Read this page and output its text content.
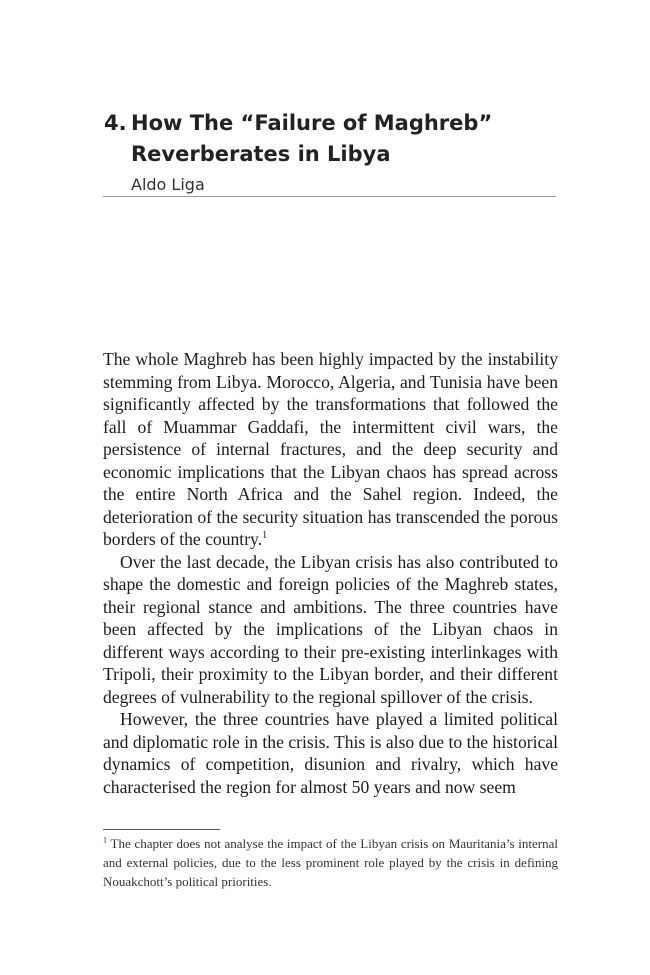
4. How The “Failure of Maghreb” Reverberates in Libya
Aldo Liga

The whole Maghreb has been highly impacted by the instability stemming from Libya. Morocco, Algeria, and Tunisia have been significantly affected by the transformations that followed the fall of Muammar Gaddafi, the intermittent civil wars, the persistence of internal fractures, and the deep security and economic implications that the Libyan chaos has spread across the entire North Africa and the Sahel region. Indeed, the deterioration of the security situation has transcended the porous borders of the country.$^1$

Over the last decade, the Libyan crisis has also contributed to shape the domestic and foreign policies of the Maghreb states, their regional stance and ambitions. The three countries have been affected by the implications of the Libyan chaos in different ways according to their pre-existing interlinkages with Tripoli, their proximity to the Libyan border, and their different degrees of vulnerability to the regional spillover of the crisis.

However, the three countries have played a limited political and diplomatic role in the crisis. This is also due to the historical dynamics of competition, disunion and rivalry, which have characterised the region for almost 50 years and now seem

$^1$ The chapter does not analyse the impact of the Libyan crisis on Mauritania’s internal and external policies, due to the less prominent role played by the crisis in defining Nouakchott’s political priorities.
